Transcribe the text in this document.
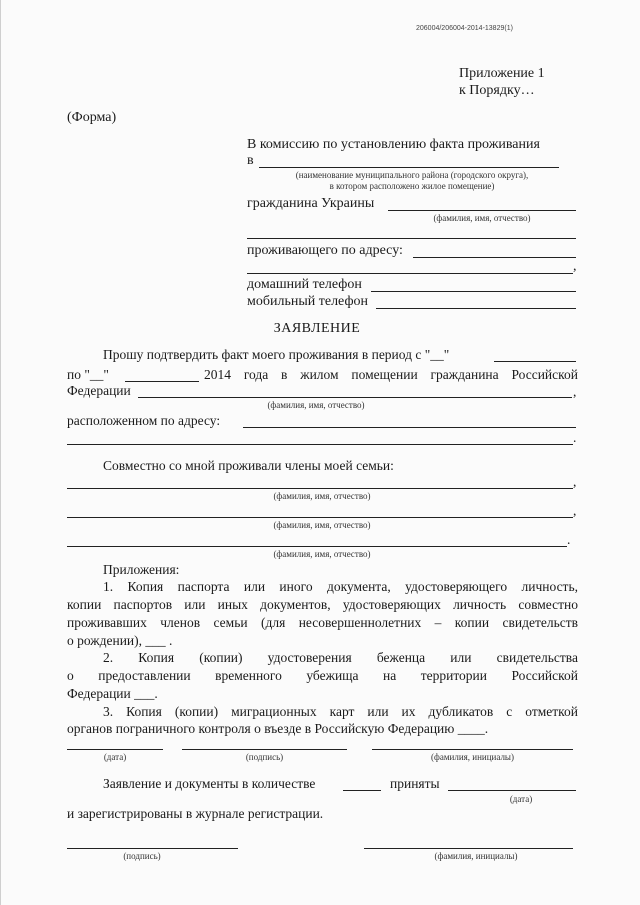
206004/206004-2014-13829(1)
Приложение 1
к Порядку…
(Форма)
В комиссию по установлению факта проживания
в
(наименование муниципального района (городского округа),
в котором расположено жилое помещение)
гражданина Украины
(фамилия, имя, отчество)
проживающего по адресу:
,
домашний телефон
мобильный телефон
ЗАЯВЛЕНИЕ
Прошу подтвердить факт моего проживания в период с "__"
по "__"	2014 года в жилом помещении гражданина Российской
Федерации	,
(фамилия, имя, отчество)
расположенном по адресу:
.
Совместно со мной проживали члены моей семьи:
,
(фамилия, имя, отчество)
,
(фамилия, имя, отчество)
.
(фамилия, имя, отчество)
Приложения:
1. Копия паспорта или иного документа, удостоверяющего личность,
копии паспортов или иных документов, удостоверяющих личность совместно
проживавших членов семьи (для несовершеннолетних – копии свидетельств
о рождении), ___ .
2.   Копия   (копии)   удостоверения   беженца   или   свидетельства
о   предоставлении   временного   убежища   на   территории   Российской
Федерации ___.
3. Копия (копии) миграционных карт или их дубликатов с отметкой
органов пограничного контроля о въезде в Российскую Федерацию ____.
(дата)	(подпись)	(фамилия, инициалы)
Заявление и документы в количестве	приняты
(дата)
и зарегистрированы в журнале регистрации.
(подпись)	(фамилия, инициалы)
